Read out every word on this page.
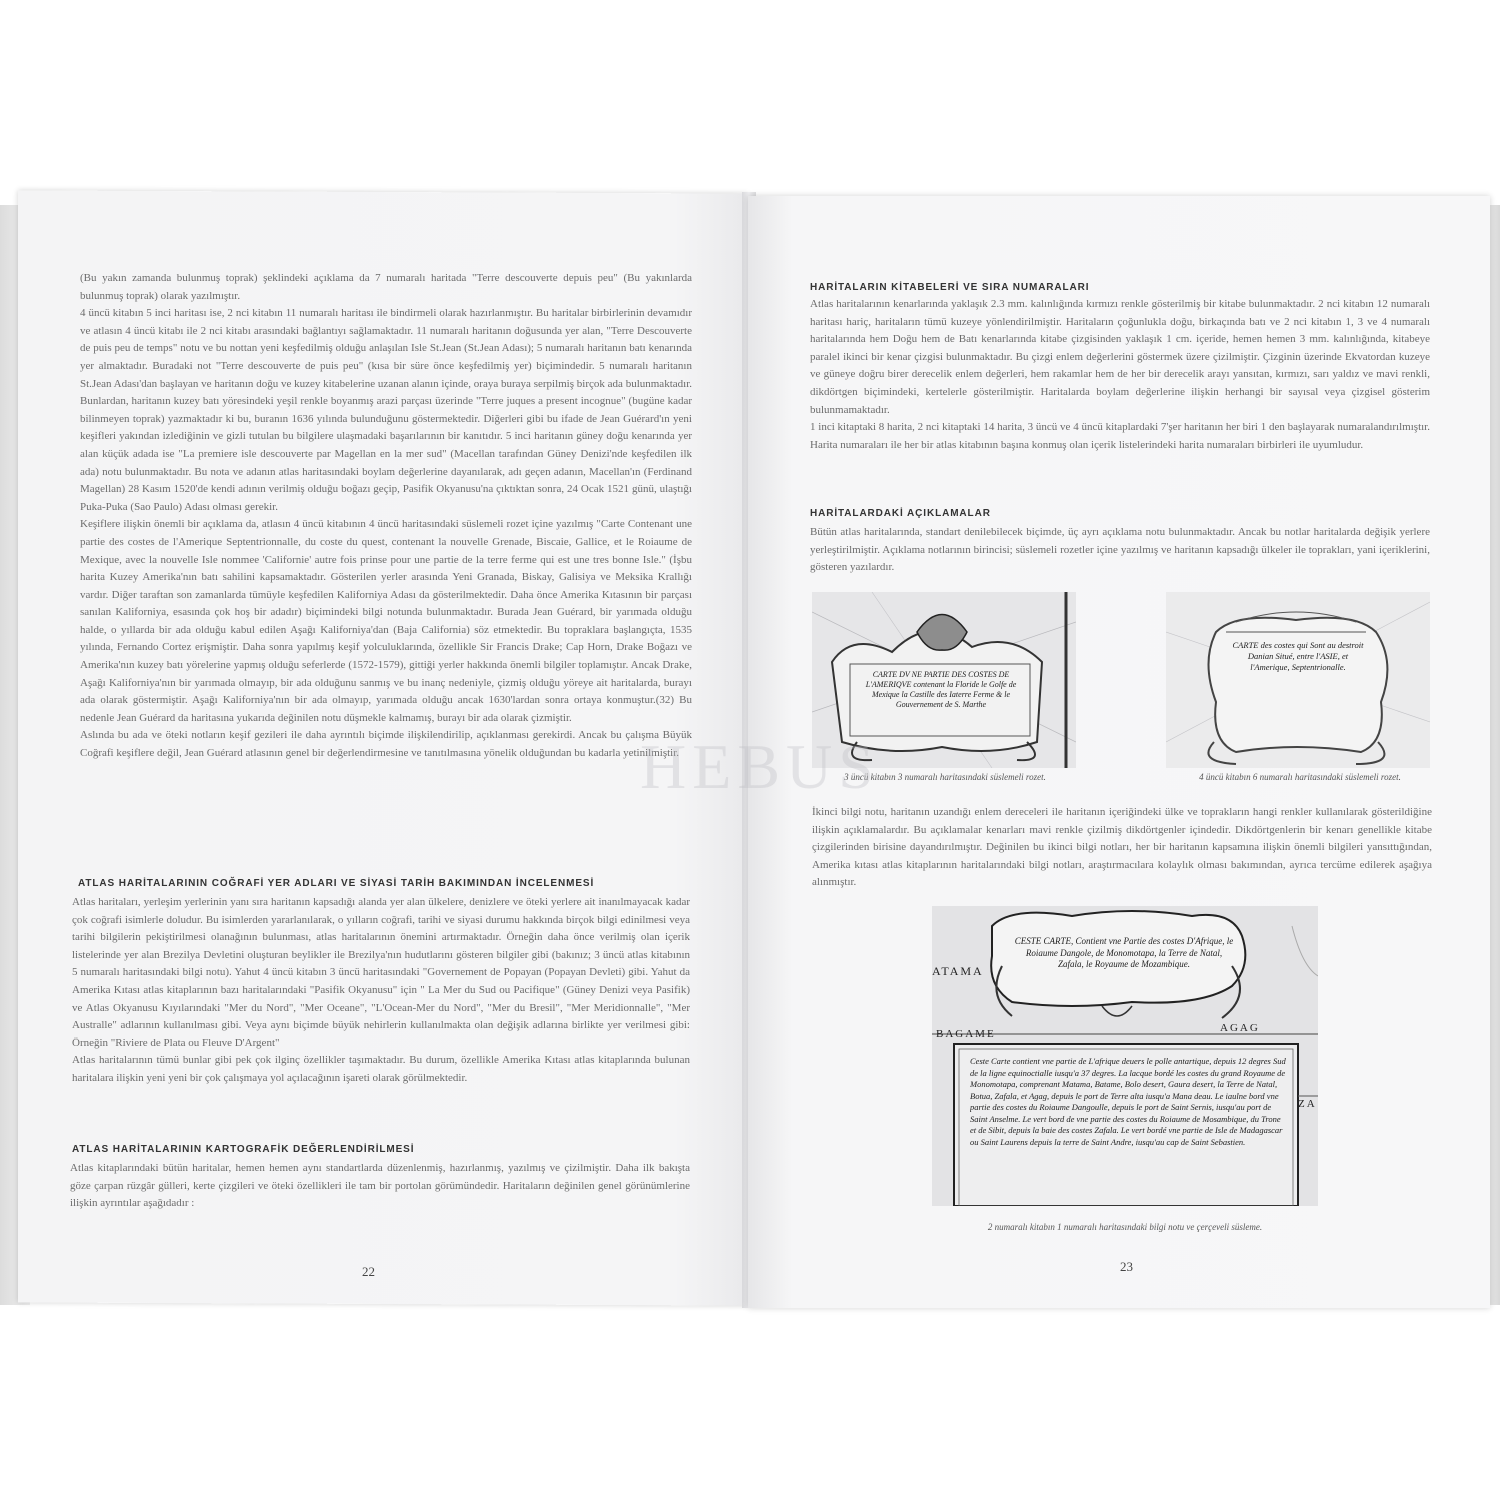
(Bu yakın zamanda bulunmuş toprak) şeklindeki açıklama da 7 numaralı haritada "Terre descouverte depuis peu" (Bu yakınlarda bulunmuş toprak) olarak yazılmıştır.

4 üncü kitabın 5 inci haritası ise, 2 nci kitabın 11 numaralı haritası ile bindirmeli olarak hazırlanmıştır. Bu haritalar birbirlerinin devamıdır ve atlasın 4 üncü kitabı ile 2 nci kitabı arasındaki bağlantıyı sağlamaktadır. 11 numaralı haritanın doğusunda yer alan, "Terre Descouverte de puis peu de temps" notu ve bu nottan yeni keşfedilmiş olduğu anlaşılan Isle St.Jean (St.Jean Adası); 5 numaralı haritanın batı kenarında yer almaktadır. Buradaki not "Terre descouverte de puis peu" (kısa bir süre önce keşfedilmiş yer) biçimindedir. 5 numaralı haritanın St.Jean Adası'dan başlayan ve haritanın doğu ve kuzey kitabelerine uzanan alanın içinde, oraya buraya serpilmiş birçok ada bulunmaktadır. Bunlardan, haritanın kuzey batı yöresindeki yeşil renkle boyanmış arazi parçası üzerinde "Terre juques a present incognue" (bugüne kadar bilinmeyen toprak) yazmaktadır ki bu, buranın 1636 yılında bulunduğunu göstermektedir. Diğerleri gibi bu ifade de Jean Guérard'ın yeni keşifleri yakından izlediğinin ve gizli tutulan bu bilgilere ulaşmadaki başarılarının bir kanıtıdır. 5 inci haritanın güney doğu kenarında yer alan küçük adada ise "La premiere isle descouverte par Magellan en la mer sud" (Macellan tarafından Güney Denizi'nde keşfedilen ilk ada) notu bulunmaktadır. Bu nota ve adanın atlas haritasındaki boylam değerlerine dayanılarak, adı geçen adanın, Macellan'ın (Ferdinand Magellan) 28 Kasım 1520'de kendi adının verilmiş olduğu boğazı geçip, Pasifik Okyanusu'na çıktıktan sonra, 24 Ocak 1521 günü, ulaştığı Puka-Puka (Sao Paulo) Adası olması gerekir.

Keşiflere ilişkin önemli bir açıklama da, atlasın 4 üncü kitabının 4 üncü haritasındaki süslemeli rozet içine yazılmış "Carte Contenant une partie des costes de l'Amerique Septentrionnalle, du coste du quest, contenant la nouvelle Grenade, Biscaie, Gallice, et le Roiaume de Mexique, avec la nouvelle Isle nommee 'Californie' autre fois prinse pour une partie de la terre ferme qui est une tres bonne Isle." (İşbu harita Kuzey Amerika'nın batı sahilini kapsamaktadır. Gösterilen yerler arasında Yeni Granada, Biskay, Galisiya ve Meksika Krallığı vardır. Diğer taraftan son zamanlarda tümüyle keşfedilen Kaliforniya Adası da gösterilmektedir. Daha önce Amerika Kıtasının bir parçası sanılan Kaliforniya, esasında çok hoş bir adadır) biçimindeki bilgi notunda bulunmaktadır. Burada Jean Guérard, bir yarımada olduğu halde, o yıllarda bir ada olduğu kabul edilen Aşağı Kaliforniya'dan (Baja California) söz etmektedir. Bu topraklara başlangıçta, 1535 yılında, Fernando Cortez erişmiştir. Daha sonra yapılmış keşif yolculuklarında, özellikle Sir Francis Drake; Cap Horn, Drake Boğazı ve Amerika'nın kuzey batı yörelerine yapmış olduğu seferlerde (1572-1579), gittiği yerler hakkında önemli bilgiler toplamıştır. Ancak Drake, Aşağı Kaliforniya'nın bir yarımada olmayıp, bir ada olduğunu sanmış ve bu inanç nedeniyle, çizmiş olduğu yöreye ait haritalarda, burayı ada olarak göstermiştir. Aşağı Kaliforniya'nın bir ada olmayıp, yarımada olduğu ancak 1630'lardan sonra ortaya konmuştur.(32) Bu nedenle Jean Guérard da haritasına yukarıda değinilen notu düşmekle kalmamış, burayı bir ada olarak çizmiştir.

Aslında bu ada ve öteki notların keşif gezileri ile daha ayrıntılı biçimde ilişkilendirilip, açıklanması gerekirdi. Ancak bu çalışma Büyük Coğrafi keşiflere değil, Jean Guérard atlasının genel bir değerlendirmesine ve tanıtılmasına yönelik olduğundan bu kadarla yetinilmiştir.

ATLAS HARİTALARININ COĞRAFİ YER ADLARI VE SİYASİ TARİH BAKIMINDAN İNCELENMESİ

Atlas haritaları, yerleşim yerlerinin yanı sıra haritanın kapsadığı alanda yer alan ülkelere, denizlere ve öteki yerlere ait inanılmayacak kadar çok coğrafi isimlerle doludur. Bu isimlerden yararlanılarak, o yılların coğrafi, tarihi ve siyasi durumu hakkında birçok bilgi edinilmesi veya tarihi bilgilerin pekiştirilmesi olanağının bulunması, atlas haritalarının önemini artırmaktadır. Örneğin daha önce verilmiş olan içerik listelerinde yer alan Brezilya Devletini oluşturan beylikler ile Brezilya'nın hudutlarını gösteren bilgiler gibi (bakınız; 3 üncü atlas kitabının 5 numaralı haritasındaki bilgi notu). Yahut 4 üncü kitabın 3 üncü haritasındaki "Governement de Popayan (Popayan Devleti) gibi. Yahut da Amerika Kıtası atlas kitaplarının bazı haritalarındaki "Pasifik Okyanusu" için " La Mer du Sud ou Pacifique" (Güney Denizi veya Pasifik) ve Atlas Okyanusu Kıyılarındaki "Mer du Nord", "Mer Oceane", "L'Ocean-Mer du Nord", "Mer du Bresil", "Mer Meridionnalle", "Mer Australle" adlarının kullanılması gibi. Veya aynı biçimde büyük nehirlerin kullanılmakta olan değişik adlarına birlikte yer verilmesi gibi: Örneğin "Riviere de Plata ou Fleuve D'Argent"

Atlas haritalarının tümü bunlar gibi pek çok ilginç özellikler taşımaktadır. Bu durum, özellikle Amerika Kıtası atlas kitaplarında bulunan haritalara ilişkin yeni yeni bir çok çalışmaya yol açılacağının işareti olarak görülmektedir.

ATLAS HARİTALARININ KARTOGRAFİK DEĞERLENDİRİLMESİ

Atlas kitaplarındaki bütün haritalar, hemen hemen aynı standartlarda düzenlenmiş, hazırlanmış, yazılmış ve çizilmiştir. Daha ilk bakışta göze çarpan rüzgâr gülleri, kerte çizgileri ve öteki özellikleri ile tam bir portolan görümündedir. Haritaların değinilen genel görünümlerine ilişkin ayrıntılar aşağıdadır :

22
HARİTALARIN KİTABELERİ VE SIRA NUMARALARI

Atlas haritalarının kenarlarında yaklaşık 2.3 mm. kalınlığında kırmızı renkle gösterilmiş bir kitabe bulunmaktadır. 2 nci kitabın 12 numaralı haritası hariç, haritaların tümü kuzeye yönlendirilmiştir. Haritaların çoğunlukla doğu, birkaçında batı ve 2 nci kitabın 1, 3 ve 4 numaralı haritalarında hem Doğu hem de Batı kenarlarında kitabe çizgisinden yaklaşık 1 cm. içeride, hemen hemen 3 mm. kalınlığında, kitabeye paralel ikinci bir kenar çizgisi bulunmaktadır. Bu çizgi enlem değerlerini göstermek üzere çizilmiştir. Çizginin üzerinde Ekvatordan kuzeye ve güneye doğru birer derecelik enlem değerleri, hem rakamlar hem de her bir derecelik arayı yansıtan, kırmızı, sarı yaldız ve mavi renkli, dikdörtgen biçimindeki, kertelerle gösterilmiştir. Haritalarda boylam değerlerine ilişkin herhangi bir sayısal veya çizgisel gösterim bulunmamaktadır.

1 inci kitaptaki 8 harita, 2 nci kitaptaki 14 harita, 3 üncü ve 4 üncü kitaplardaki 7'şer haritanın her biri 1 den başlayarak numaralandırılmıştır. Harita numaraları ile her bir atlas kitabının başına konmuş olan içerik listelerindeki harita numaraları birbirleri ile uyumludur.

HARİTALARDAKİ AÇIKLAMALAR

Bütün atlas haritalarında, standart denilebilecek biçimde, üç ayrı açıklama notu bulunmaktadır. Ancak bu notlar haritalarda değişik yerlere yerleştirilmiştir. Açıklama notlarının birincisi; süslemeli rozetler içine yazılmış ve haritanın kapsadığı ülkeler ile toprakları, yani içeriklerini, gösteren yazılardır.

CARTE DV NE PARTIE DES COSTES DE L'AMERIQVE contenant la Floride le Golfe de Mexique la Castille des Iaterre Ferme & le Gouvernement de S. Marthe
3 üncü kitabın 3 numaralı haritasındaki süslemeli rozet.
CARTE des costes qui Sont au destroit Danian Situé, entre l'ASIE, et l'Amerique, Septentrionalle.
4 üncü kitabın 6 numaralı haritasındaki süslemeli rozet.
HEBUS

İkinci bilgi notu, haritanın uzandığı enlem dereceleri ile haritanın içeriğindeki ülke ve toprakların hangi renkler kullanılarak gösterildiğine ilişkin açıklamalardır. Bu açıklamalar kenarları mavi renkle çizilmiş dikdörtgenler içindedir. Dikdörtgenlerin bir kenarı genellikle kitabe çizgilerinden birisine dayandırılmıştır. Değinilen bu ikinci bilgi notları, her bir haritanın kapsamına ilişkin önemli bilgileri yansıttığından, Amerika kıtası atlas kitaplarının haritalarındaki bilgi notları, araştırmacılara kolaylık olması bakımından, ayrıca tercüme edilerek aşağıya alınmıştır.

CESTE CARTE, Contient vne Partie des costes D'Afrique, le Roiaume Dangole, de Monomotapa, la Terre de Natal, Zafala, le Royaume de Mozambique.
ATAMA
BAGAME	AGAG
ZA
Ceste Carte contient vne partie de L'afrique deuers le polle antartique, depuis 12 degres Sud de la ligne equinoctialle iusqu'a 37 degres. La lacque bordé les costes du grand Royaume de Monomotapa, comprenant Matama, Batame, Bolo desert, Gaura desert, la Terre de Natal, Botua, Zafala, et Agag, depuis le port de Terre alta iusqu'a Mana deau. Le iaulne bord vne partie des costes du Roiaume Dangoulle, depuis le port de Saint Sernis, iusqu'au port de Saint Anselme. Le vert bord de vne partie des costes du Roiaume de Mosambique, du Trone et de Sibit, depuis la baie des costes Zafala. Le vert bordé vne partie de Isle de Madagascar ou Saint Laurens depuis la terre de Saint Andre, iusqu'au cap de Saint Sebastien.
2 numaralı kitabın 1 numaralı haritasındaki bilgi notu ve çerçeveli süsleme.
23
